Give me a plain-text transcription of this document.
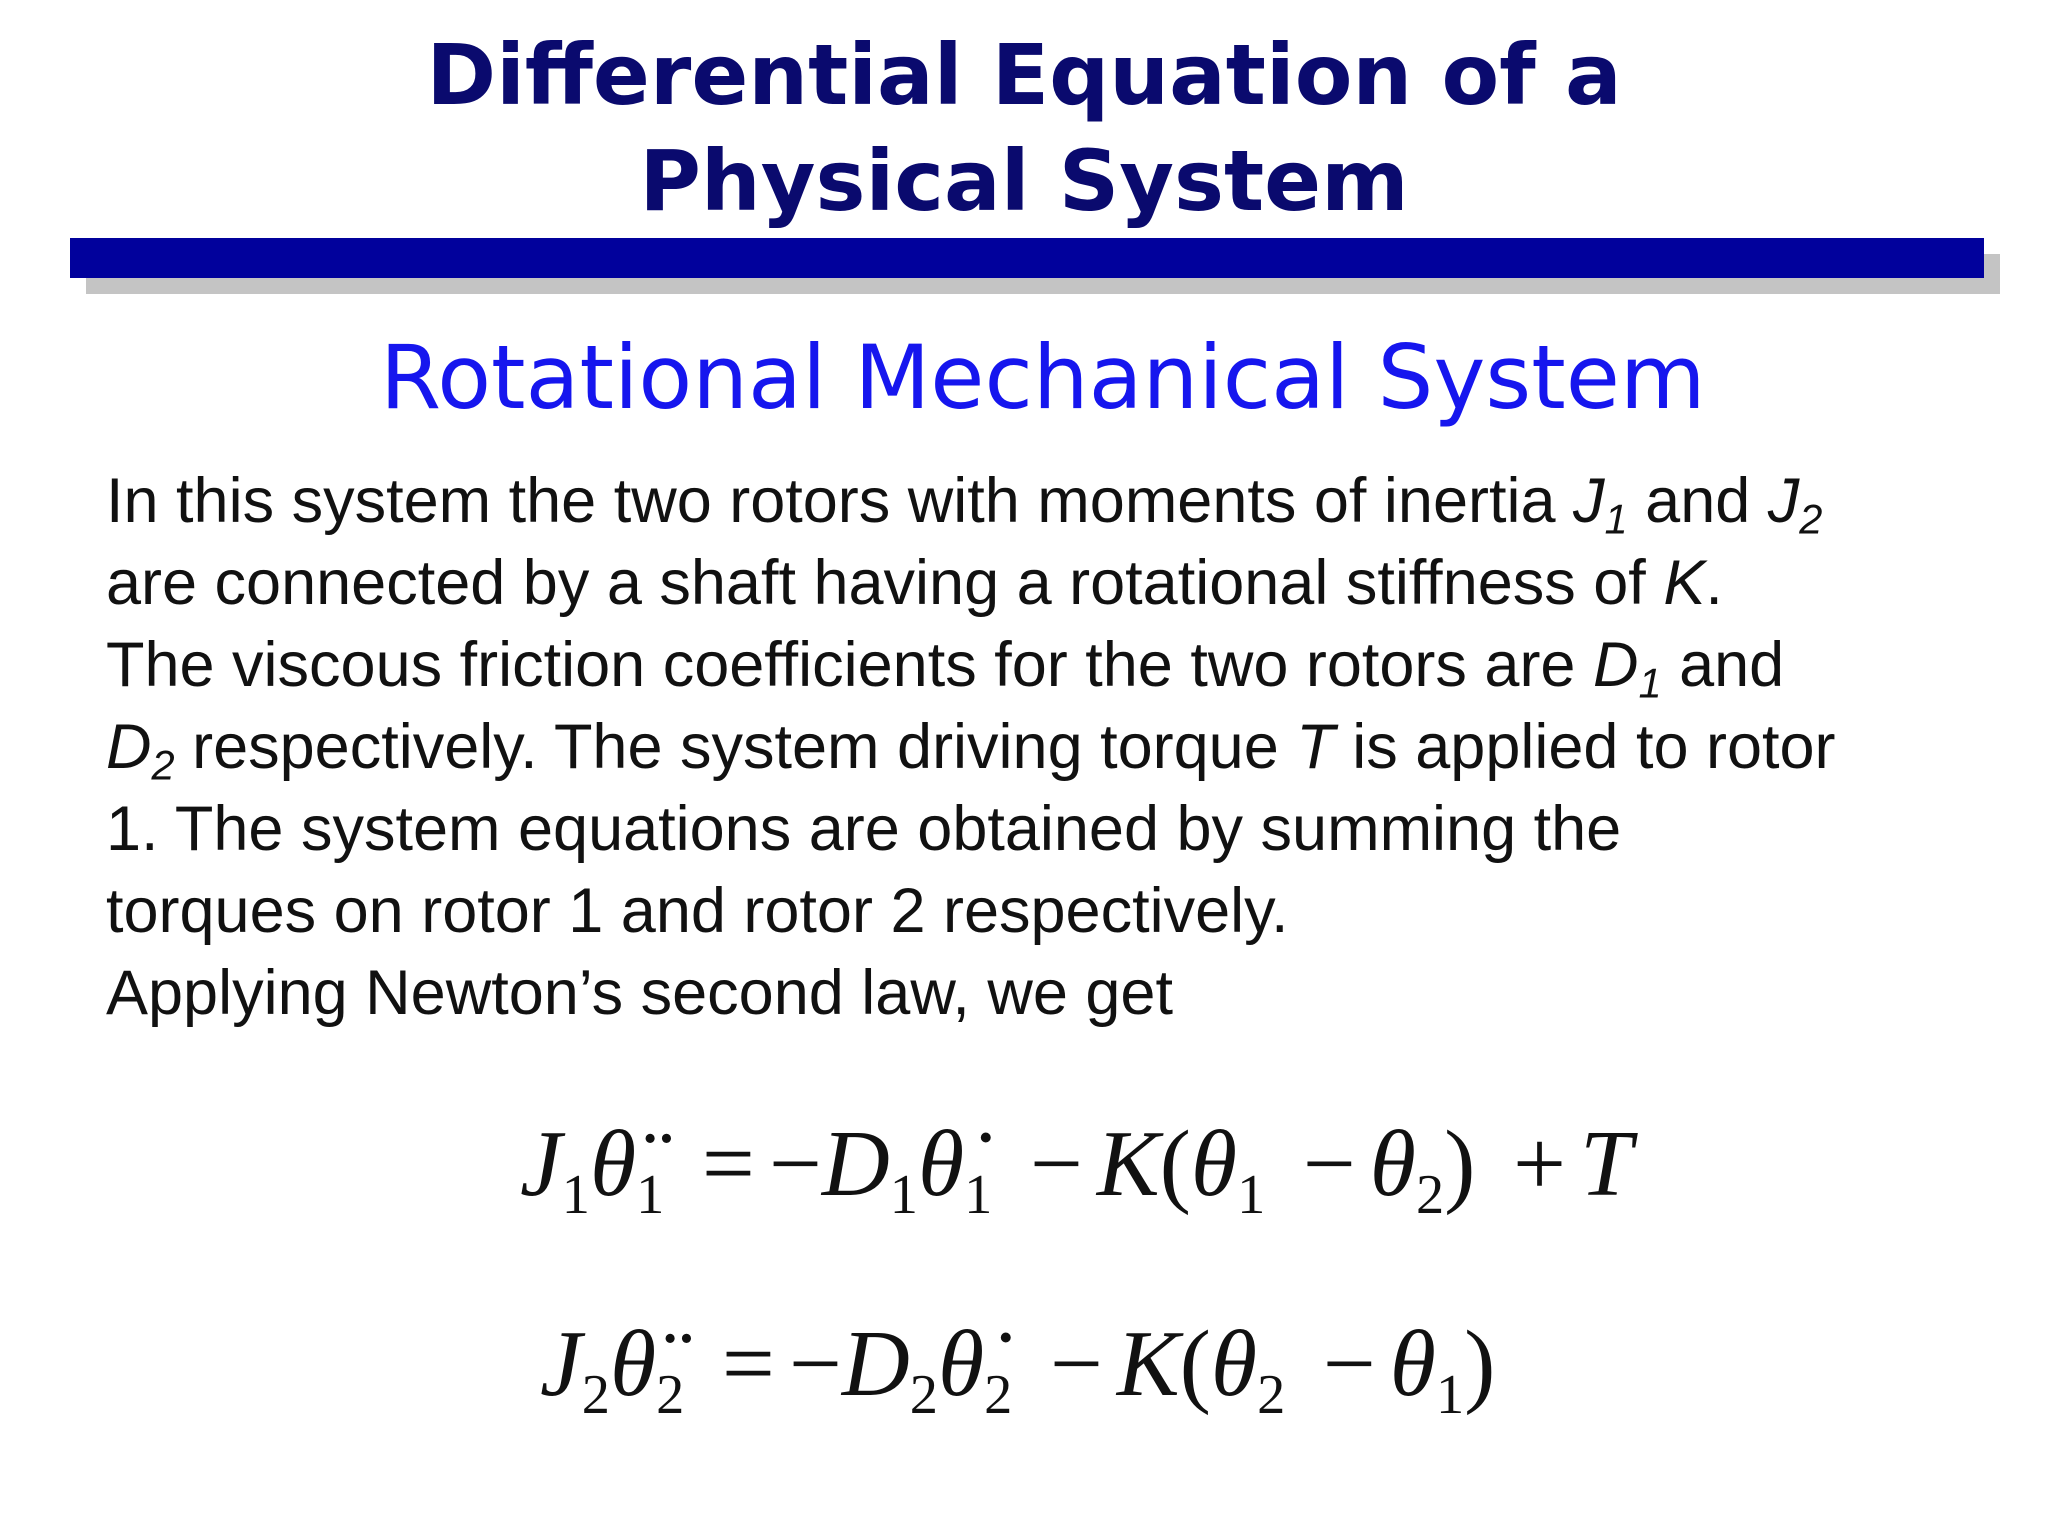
Differential Equation of a
Physical System
Rotational Mechanical System
In this system the two rotors with moments of inertia $J_1$ and $J_2$
are connected by a shaft having a rotational stiffness of K.
The viscous friction coefficients for the two rotors are $D_1$ and
$D_2$ respectively. The system driving torque T is applied to rotor
1. The system equations are obtained by summing the
torques on rotor 1 and rotor 2 respectively.
Applying Newton’s second law, we get
$J_1\thetä_1$ = $-D_1\thetȧ_1 - K(\theta_1 - \theta_2) + T$
$J_2\thetä_2$ = $-D_2\thetȧ_2 - K(\theta_2 - \theta_1)$
